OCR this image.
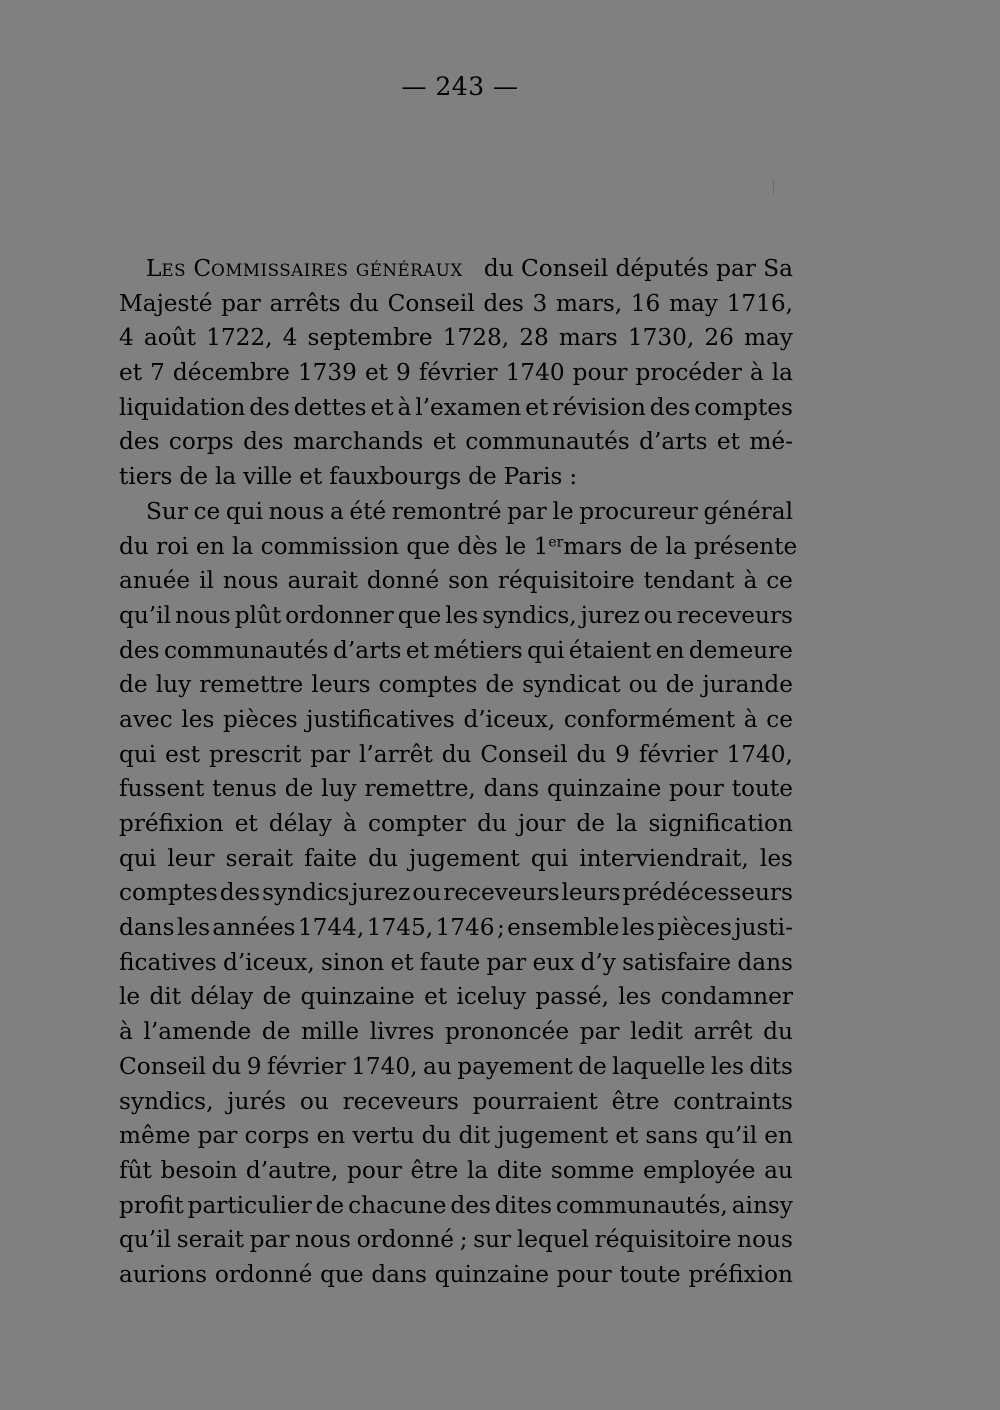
— 243 —
LES COMMISSAIRES GÉNÉRAUX du Conseil députés par Sa
Majesté par arrêts du Conseil des 3 mars, 16 may 1716,
4 août 1722, 4 septembre 1728, 28 mars 1730, 26 may
et 7 décembre 1739 et 9 février 1740 pour procéder à la
liquidation des dettes et à l’examen et révision des comptes
des corps des marchands et communautés d’arts et mé-
tiers de la ville et fauxbourgs de Paris :
Sur ce qui nous a été remontré par le procureur général
du roi en la commission que dès le 1er mars de la présente
anuée il nous aurait donné son réquisitoire tendant à ce
qu’il nous plût ordonner que les syndics, jurez ou receveurs
des communautés d’arts et métiers qui étaient en demeure
de luy remettre leurs comptes de syndicat ou de jurande
avec les pièces justificatives d’iceux, conformément à ce
qui est prescrit par l’arrêt du Conseil du 9 février 1740,
fussent tenus de luy remettre, dans quinzaine pour toute
préfixion et délay à compter du jour de la signification
qui leur serait faite du jugement qui interviendrait, les
comptes des syndics jurez ou receveurs leurs prédécesseurs
dans les années 1744, 1745, 1746 ; ensemble les pièces justi-
ficatives d’iceux, sinon et faute par eux d’y satisfaire dans
le dit délay de quinzaine et iceluy passé, les condamner
à l’amende de mille livres prononcée par ledit arrêt du
Conseil du 9 février 1740, au payement de laquelle les dits
syndics, jurés ou receveurs pourraient être contraints
même par corps en vertu du dit jugement et sans qu’il en
fût besoin d’autre, pour être la dite somme employée au
profit particulier de chacune des dites communautés, ainsy
qu’il serait par nous ordonné ; sur lequel réquisitoire nous
aurions ordonné que dans quinzaine pour toute préfixion
